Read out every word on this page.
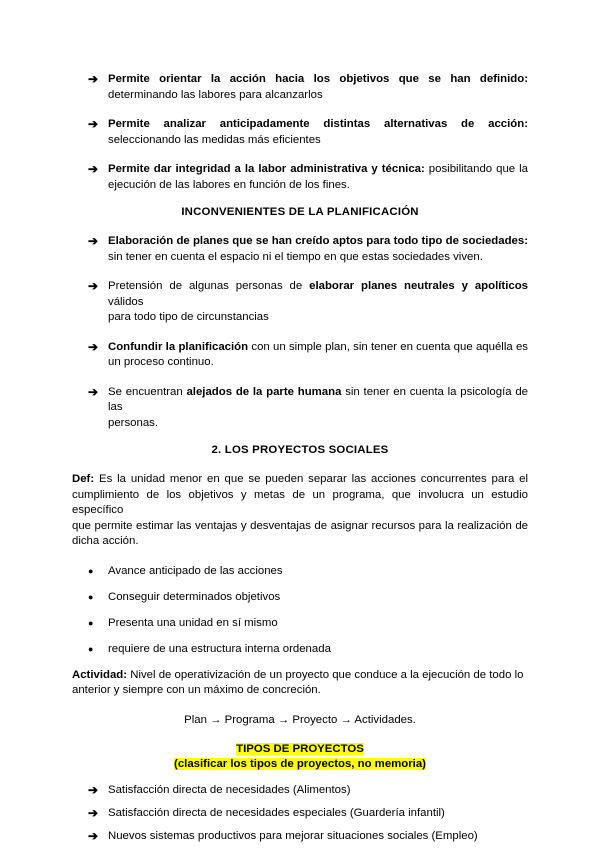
➔ Permite orientar la acción hacia los objetivos que se han definido:
determinando las labores para alcanzarlos
➔ Permite analizar anticipadamente distintas alternativas de acción:
seleccionando las medidas más eficientes
➔ Permite dar integridad a la labor administrativa y técnica: posibilitando que la
ejecución de las labores en función de los fines.
INCONVENIENTES DE LA PLANIFICACIÓN
➔ Elaboración de planes que se han creído aptos para todo tipo de sociedades:
sin tener en cuenta el espacio ni el tiempo en que estas sociedades viven.
➔ Pretensión de algunas personas de elaborar planes neutrales y apolíticos válidos
para todo tipo de circunstancias
➔ Confundir la planificación con un simple plan, sin tener en cuenta que aquélla es
un proceso continuo.
➔ Se encuentran alejados de la parte humana sin tener en cuenta la psicología de las
personas.
2. LOS PROYECTOS SOCIALES
Def: Es la unidad menor en que se pueden separar las acciones concurrentes para el
cumplimiento de los objetivos y metas de un programa, que involucra un estudio específico
que permite estimar las ventajas y desventajas de asignar recursos para la realización de
dicha acción.
●	Avance anticipado de las acciones
●	Conseguir determinados objetivos
●	Presenta una unidad en sí mismo
●	requiere de una estructura interna ordenada
Actividad: Nivel de operativización de un proyecto que conduce a la ejecución de todo lo
anterior y siempre con un máximo de concreción.
Plan → Programa → Proyecto → Actividades.
TIPOS DE PROYECTOS
(clasificar los tipos de proyectos, no memoria)
➔ Satisfacción directa de necesidades (Alimentos)
➔ Satisfacción directa de necesidades especiales (Guardería infantil)
➔ Nuevos sistemas productivos para mejorar situaciones sociales (Empleo)
